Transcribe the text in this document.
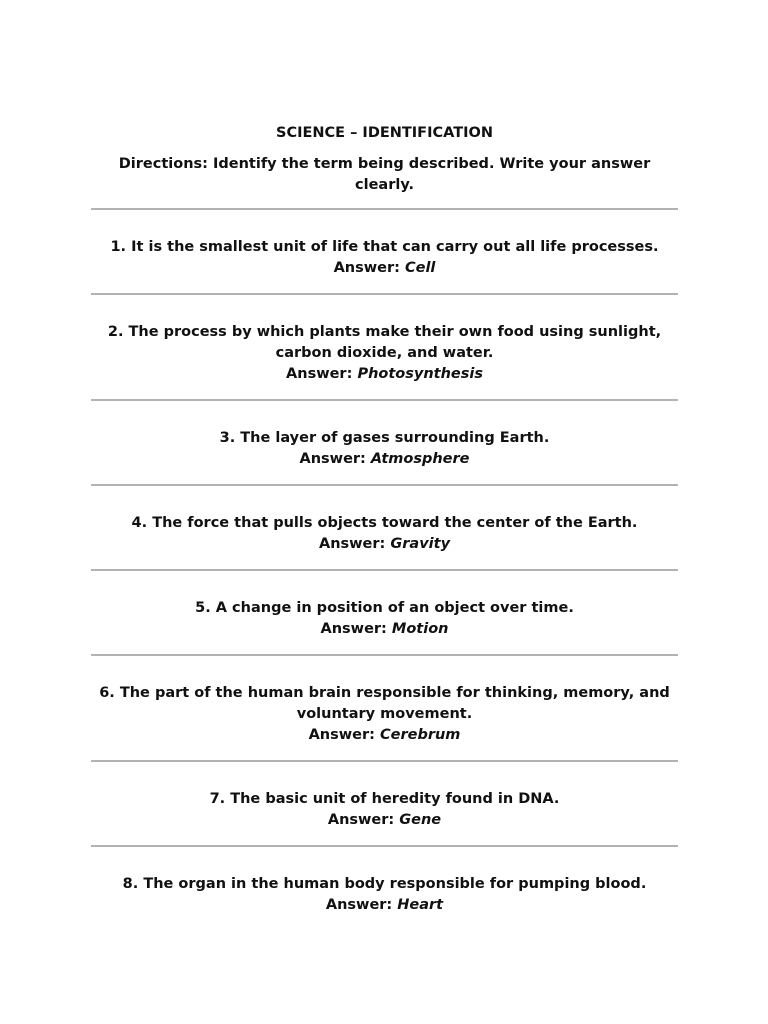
SCIENCE – IDENTIFICATION

Directions: Identify the term being described. Write your answer clearly.

1. It is the smallest unit of life that can carry out all life processes.

Answer: Cell

2. The process by which plants make their own food using sunlight, carbon dioxide, and water.

Answer: Photosynthesis

3. The layer of gases surrounding Earth.

Answer: Atmosphere

4. The force that pulls objects toward the center of the Earth.

Answer: Gravity

5. A change in position of an object over time.

Answer: Motion

6. The part of the human brain responsible for thinking, memory, and voluntary movement.

Answer: Cerebrum

7. The basic unit of heredity found in DNA.

Answer: Gene

8. The organ in the human body responsible for pumping blood.

Answer: Heart
